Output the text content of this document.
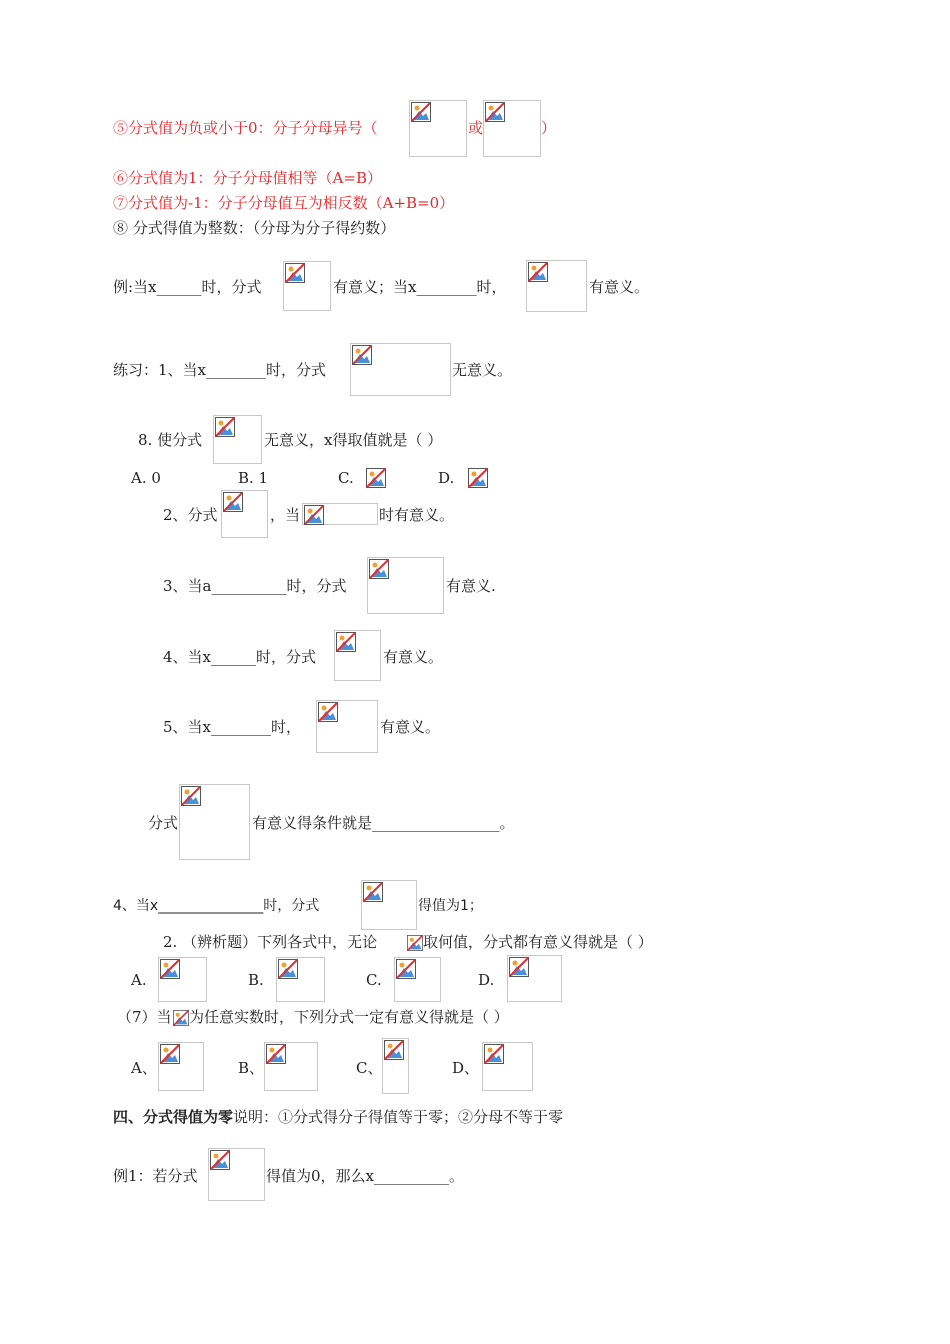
⑤分式值为负或小于0：分子分母异号（	或	）
⑥分式值为1：分子分母值相等（A=B）
⑦分式值为-1：分子分母值互为相反数（A+B=0）
⑧ 分式得值为整数：（分母为分子得约数）
例:当x______时，分式	有意义；当x________时，	有意义。
练习：1、当x________时，分式	无意义。
8. 使分式	无意义，x得取值就是（ ）
A. 0	B. 1	C.	D.
2、分式	，当	时有意义。
3、当a__________时，分式	有意义.
4、当x______时，分式	有意义。
5、当x________时，	有意义。
分式	有意义得条件就是_________________。
4、当x_______________时，分式	得值为1；
2. （辨析题）下列各式中，无论	取何值，分式都有意义得就是（ ）
A.	B.	C.	D.
（7）当 为任意实数时，下列分式一定有意义得就是（ ）
A、	B、	C、	D、
四、分式得值为零说明：①分式得分子得值等于零；②分母不等于零
例1：若分式	得值为0，那么x__________。
